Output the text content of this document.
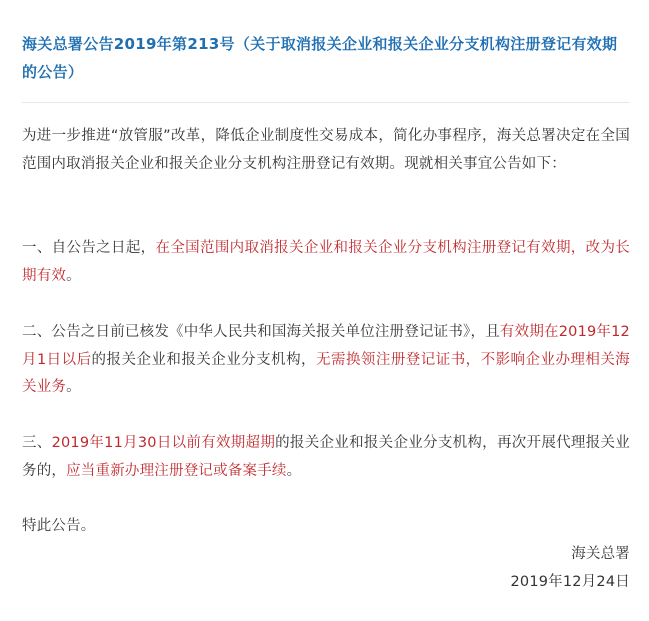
海关总署公告2019年第213号（关于取消报关企业和报关企业分支机构注册登记有效期的公告）
为进一步推进“放管服”改革，降低企业制度性交易成本，简化办事程序，海关总署决定在全国范围内取消报关企业和报关企业分支机构注册登记有效期。现就相关事宜公告如下：
一、自公告之日起，在全国范围内取消报关企业和报关企业分支机构注册登记有效期，改为长期有效。
二、公告之日前已核发《中华人民共和国海关报关单位注册登记证书》，且有效期在2019年12月1日以后的报关企业和报关企业分支机构，无需换领注册登记证书，不影响企业办理相关海关业务。
三、2019年11月30日以前有效期超期的报关企业和报关企业分支机构，再次开展代理报关业务的，应当重新办理注册登记或备案手续。
特此公告。
海关总署
2019年12月24日
